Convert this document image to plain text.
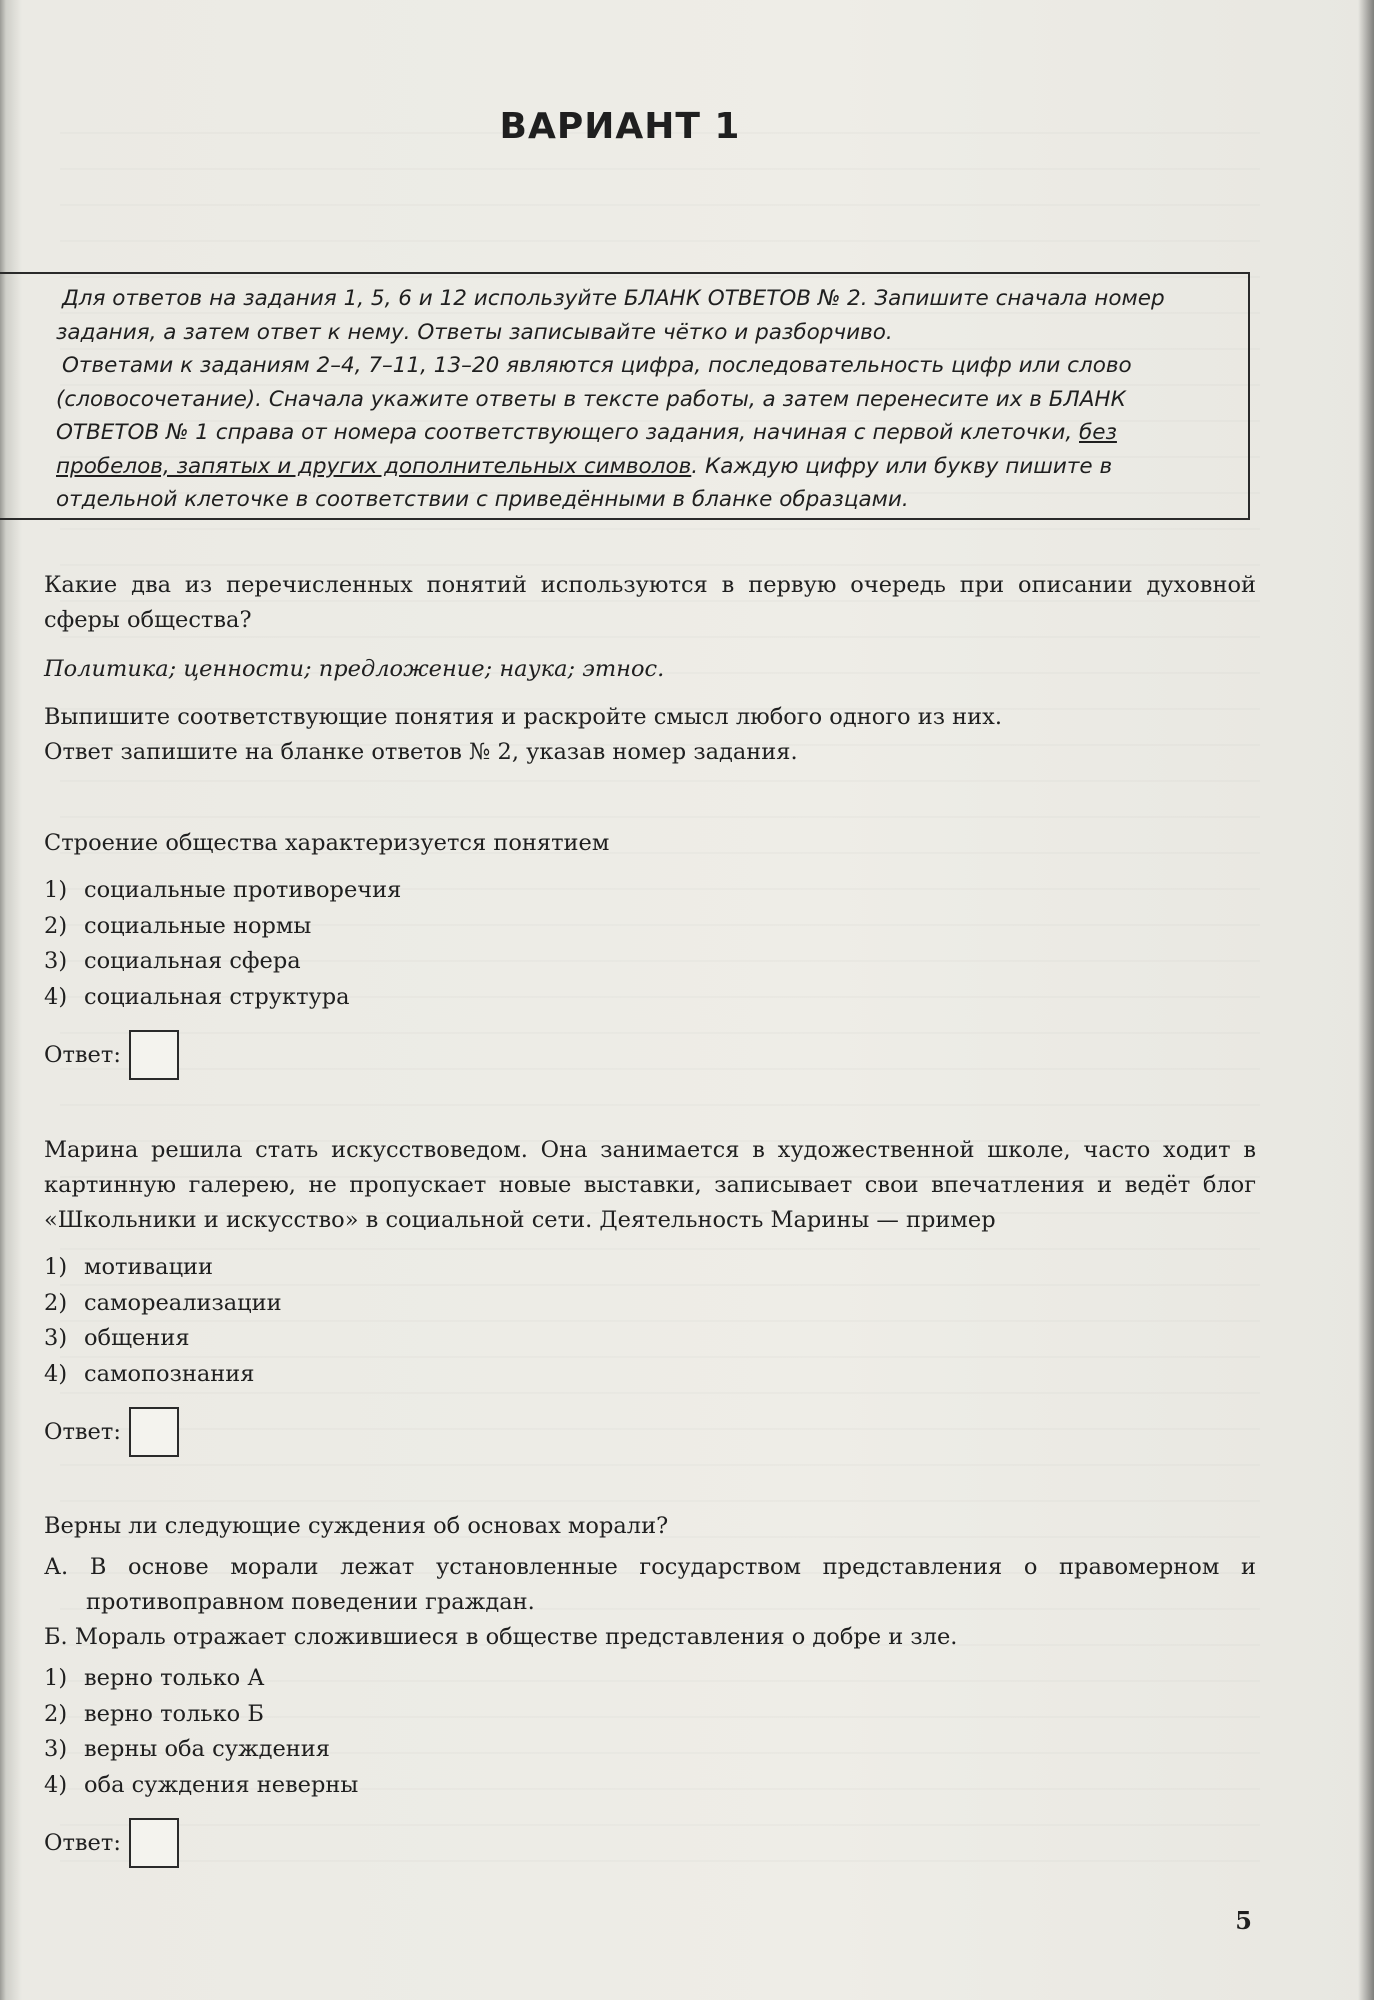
ВАРИАНТ 1

Для ответов на задания 1, 5, 6 и 12 используйте БЛАНК ОТВЕТОВ № 2. Запишите сначала номер задания, а затем ответ к нему. Ответы записывайте чётко и разборчиво.

Ответами к заданиям 2–4, 7–11, 13–20 являются цифра, последовательность цифр или слово (словосочетание). Сначала укажите ответы в тексте работы, а затем перенесите их в БЛАНК ОТВЕТОВ № 1 справа от номера соответствующего задания, начиная с первой клеточки, без пробелов, запятых и других дополнительных символов. Каждую цифру или букву пишите в отдельной клеточке в соответствии с приведёнными в бланке образцами.

Какие два из перечисленных понятий используются в первую очередь при описании духовной сферы общества?

Политика; ценности; предложение; наука; этнос.

Выпишите соответствующие понятия и раскройте смысл любого одного из них.

Ответ запишите на бланке ответов № 2, указав номер задания.

Строение общества характеризуется понятием

1) социальные противоречия
2) социальные нормы
3) социальная сфера
4) социальная структура
Ответ:

Марина решила стать искусствоведом. Она занимается в художественной школе, часто ходит в картинную галерею, не пропускает новые выставки, записывает свои впечатления и ведёт блог «Школьники и искусство» в социальной сети. Деятельность Марины — пример

1) мотивации
2) самореализации
3) общения
4) самопознания
Ответ:

Верны ли следующие суждения об основах морали?

А. В основе морали лежат установленные государством представления о правомерном и противоправном поведении граждан.

Б. Мораль отражает сложившиеся в обществе представления о добре и зле.

1) верно только А
2) верно только Б
3) верны оба суждения
4) оба суждения неверны
Ответ:
5
